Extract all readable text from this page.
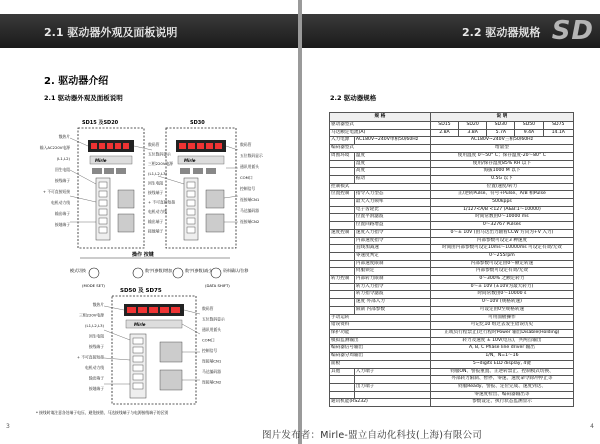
2.1 驱动器外观及面板说明
2. 驱动器介绍
2.1 驱动器外观及面板说明
SD15 及SD20
Mirle
SD30
Mirle
散热片
输入AC220V电源
(L1,L2)
回生电阻
接线端子
+ 不可直接短接
电机动力线
输出端子
接地端子
数码管
五位数码显示
三相220V电源
(L1,L2,L3)
回生电阻
接线端子
+ 不可直接短接
电机动力线
输出端子
接地端子
数码管
五位数码显示
通讯用插头
COM口
控制信号
连接端CN1
马达编码器
连接端CN2
操作 按键
模式切换
(MODE SET)
数字(参数)增加	数字(参数)减少	资料确认/位移
(DATA SHIFT)
SD50 及 SD75
Mirle
散热片
三相220V电源
(L1,L2,L3)
回生电阻
接线端子
+ 不可直接短接
电机动力线
输出端子
接地端子
数码管
五位数码显示
通讯用插头
COM口
控制信号
连接端CN1
马达编码器
连接端CN2
* 接线时请注意各处端子电压，避免接错，马达接线端子与电源接线端子的区别
3
2.2 驱动器规格 SD
2.2 驱动器规格
规 格		说 明				
驱动器型式		SD15	SD20	SD30	SD50	SD75
马达额定电流(A)		2.8A	3.8A	5.7A	9.4A	14.1A
入力电源	AC180V~240V单相50/60Hz	AC180V~240V三相50/60Hz				
编码器型式		增量型				
周围环境	温度	使用温度 0～50° C；保存温度-20～80° C				
	湿度	使用/保存湿度85% RH 以下				
	高度	海拔1000 M 以下				
	振动	0.5G 以下				
控制模式		位置/速度/转力				
位置控制	指令入力型态	正/逆转Pulse、符号+Pulse、A/B 相Pulse				
	最大入力频率	500kpps				
	电子齿轮比	1/127<A/B <127 (A&B:1～10000)				
	位置平滑滤波	时间常数由0～10000 ms				
	位置回路增益	0～32767 Pulses				
速度控制	速度入力指令	0～± 10V (由马达出力轴看CCW 方向为+V 入力)				
	内部速度指令	内部参数可设定3 种速度				
	直线加减速	时间由内部参数可设定10ms～10000ms 可设定有效/无效				
	零速度判定	0～255rpm				
	内部速度限制	内部参数可设定由0～额定转速				
	伺服锁定	内部参数可设定有效/无效				
转力控制	内部转力限制	0～300% 之额定转力				
	转力入力指令	0～± 10V (±10V为最大转力)				
	转力指令滤波	时间常数由0～10000 s				
	速度 外部入力	0～10V (规格转速)				
	限制 内部参数	可设定由0至规格转速				
手动运转		可用面板操作				
错误资料		可记忆10 组过去发生错误历史				
保护功能		正或负行程禁止(过行程时Power 输出Disable(Holding)				
模拟监测输出		转力及速度 ± 10V(电压)，共两点输出				
编码器信号输出		A, B, C Phase line driver 输出				
编码器分周输出		1/N，N=1～16				
面板		5~digits ELD display, 4键				
其他	入力端子	伺服ON、警报重置、正逆转禁止、控制模式切换、				
		外部转力限制、暂停、零速、速度命令除冲停止等				
	出力端子	伺服Ready、警报、定位完成、速度到达、				
		零速度检出、编码器输出等				
通讯机能(RS232)		参数设定、执行状态监测显示				
4
图片发布者：Mirle-盟立自动化科技(上海)有限公司
